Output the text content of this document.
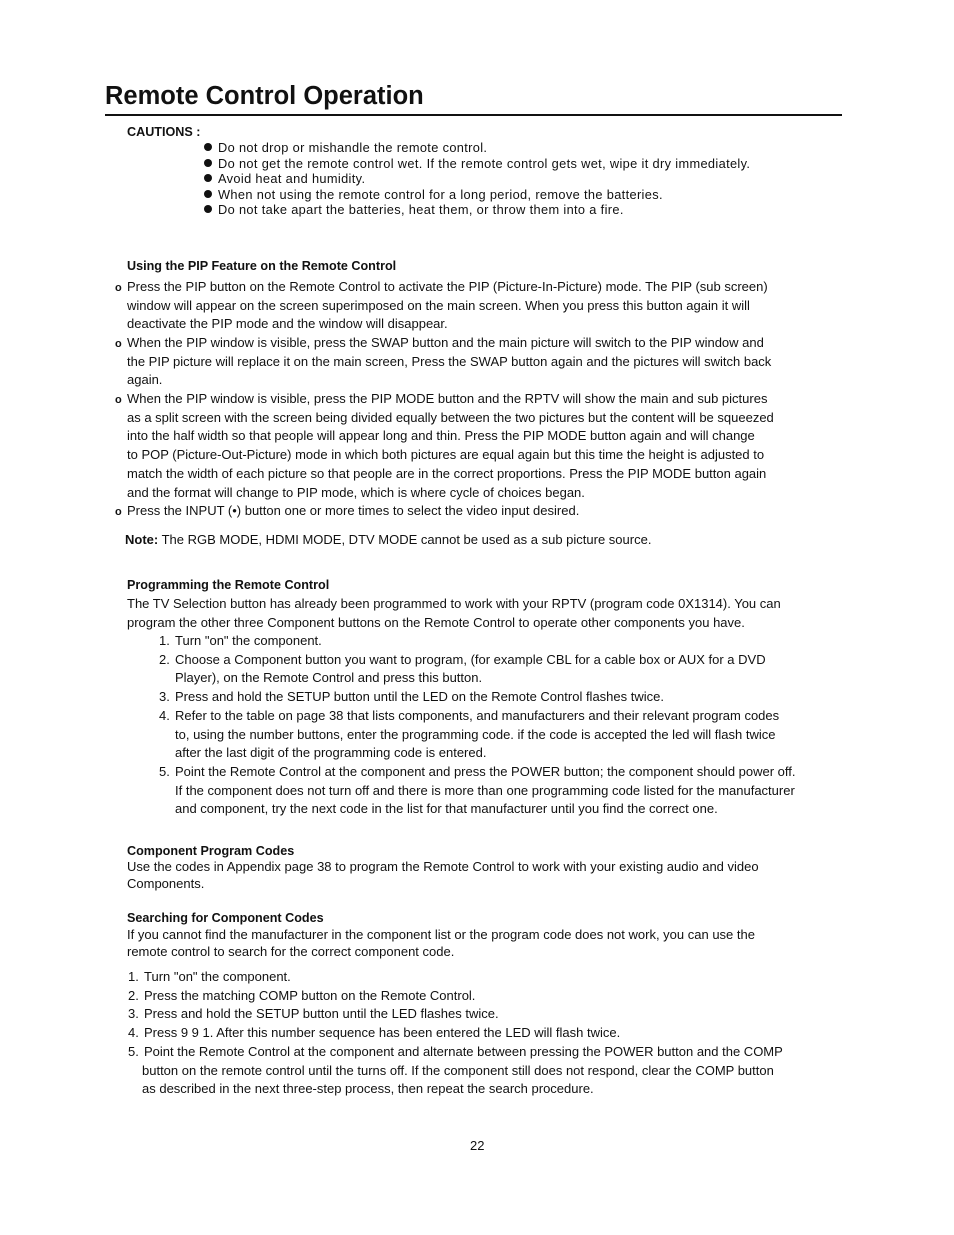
Remote Control Operation
CAUTIONS :
Do not drop or mishandle the remote control.
Do not get the remote control wet. If the remote control gets wet, wipe it dry immediately.
Avoid heat and humidity.
When not using the remote control for a long period, remove the batteries.
Do not take apart the batteries, heat them, or throw them into a fire.
Using the PIP Feature on the Remote Control
o Press the PIP button on the Remote Control to activate the PIP (Picture-In-Picture) mode. The PIP (sub screen)
window will appear on the screen superimposed on the main screen. When you press this button again it will
deactivate the PIP mode and the window will disappear.
o When the PIP window is visible, press the SWAP button and the main picture will switch to the PIP window and
the PIP picture will replace it on the main screen, Press the SWAP button again and the pictures will switch back
again.
o When the PIP window is visible, press the PIP MODE button and the RPTV will show the main and sub pictures
as a split screen with the screen being divided equally between the two pictures but the content will be squeezed
into the half width so that people will appear long and thin. Press the PIP MODE button again and will change
to POP (Picture-Out-Picture) mode in which both pictures are equal again but this time the height is adjusted to
match the width of each picture so that people are in the correct proportions. Press the PIP MODE button again
and the format will change to PIP mode, which is where cycle of choices began.
o Press the INPUT (•) button one or more times to select the video input desired.
Note: The RGB MODE, HDMI MODE, DTV MODE cannot be used as a sub picture source.
Programming the Remote Control
The TV Selection button has already been programmed to work with your RPTV (program code 0X1314). You can
program the other three Component buttons on the Remote Control to operate other components you have.
1. Turn "on" the component.
2. Choose a Component button you want to program, (for example CBL for a cable box or AUX for a DVD
Player), on the Remote Control and press this button.
3. Press and hold the SETUP button until the LED on the Remote Control flashes twice.
4. Refer to the table on page 38 that lists components, and manufacturers and their relevant program codes
to, using the number buttons, enter the programming code. if the code is accepted the led will flash twice
after the last digit of the programming code is entered.
5. Point the Remote Control at the component and press the POWER button; the component should power off.
If the component does not turn off and there is more than one programming code listed for the manufacturer
and component, try the next code in the list for that manufacturer until you find the correct one.
Component Program Codes
Use the codes in Appendix page 38 to program the Remote Control to work with your existing audio and video
Components.
Searching for Component Codes
If you cannot find the manufacturer in the component list or the program code does not work, you can use the
remote control to search for the correct component code.
1. Turn "on" the component.
2. Press the matching COMP button on the Remote Control.
3. Press and hold the SETUP button until the LED flashes twice.
4. Press 9 9 1. After this number sequence has been entered the LED will flash twice.
5. Point the Remote Control at the component and alternate between pressing the POWER button and the COMP
button on the remote control until the turns off. If the component still does not respond, clear the COMP button
as described in the next three-step process, then repeat the search procedure.
22
